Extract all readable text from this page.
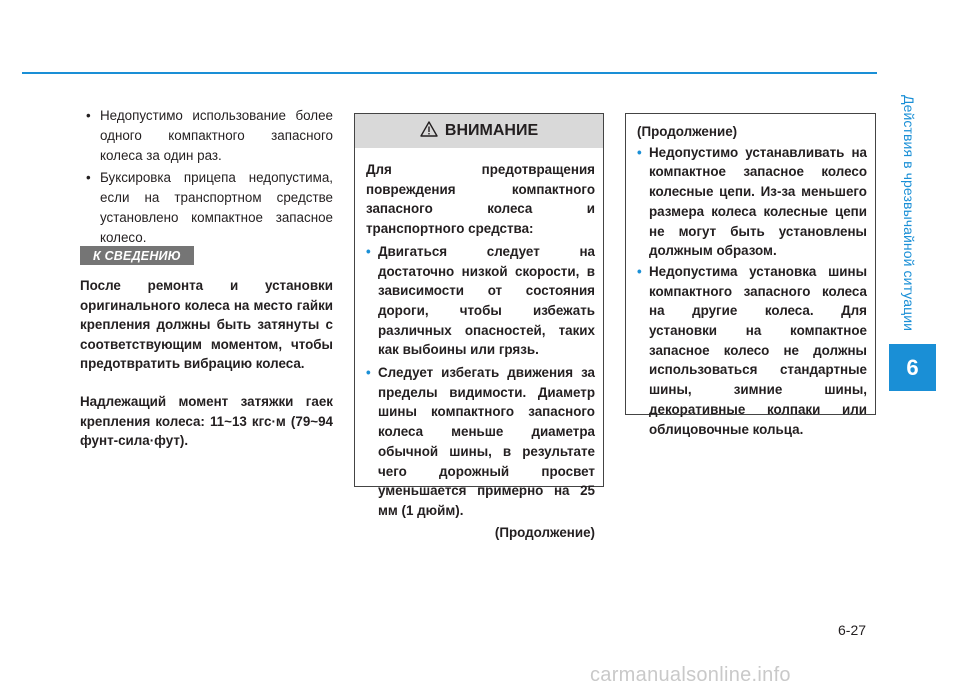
Действия в чрезвычайной ситуации
6
• Недопустимо использование более одного компактного запасного колеса за один раз.
• Буксировка прицепа недопустима, если на транспортном средстве установлено компактное запасное колесо.
К СВЕДЕНИЮ
После ремонта и установки оригинального колеса на место гайки крепления должны быть затянуты с соответствующим моментом, чтобы предотвратить вибрацию колеса.
Надлежащий момент затяжки гаек крепления колеса: 11~13 кгс·м (79~94 фунт-сила·фут).
ВНИМАНИЕ
Для предотвращения повреждения компактного запасного колеса и транспортного средства:
• Двигаться следует на достаточно низкой скорости, в зависимости от состояния дороги, чтобы избежать различных опасностей, таких как выбоины или грязь.
• Следует избегать движения за пределы видимости. Диаметр шины компактного запасного колеса меньше диаметра обычной шины, в результате чего дорожный просвет уменьшается примерно на 25 мм (1 дюйм).
(Продолжение)
(Продолжение)
• Недопустимо устанавливать на компактное запасное колесо колесные цепи. Из-за меньшего размера колеса колесные цепи не могут быть установлены должным образом.
• Недопустима установка шины компактного запасного колеса на другие колеса. Для установки на компактное запасное колесо не должны использоваться стандартные шины, зимние шины, декоративные колпаки или облицовочные кольца.
6-27
carmanualsonline.info
